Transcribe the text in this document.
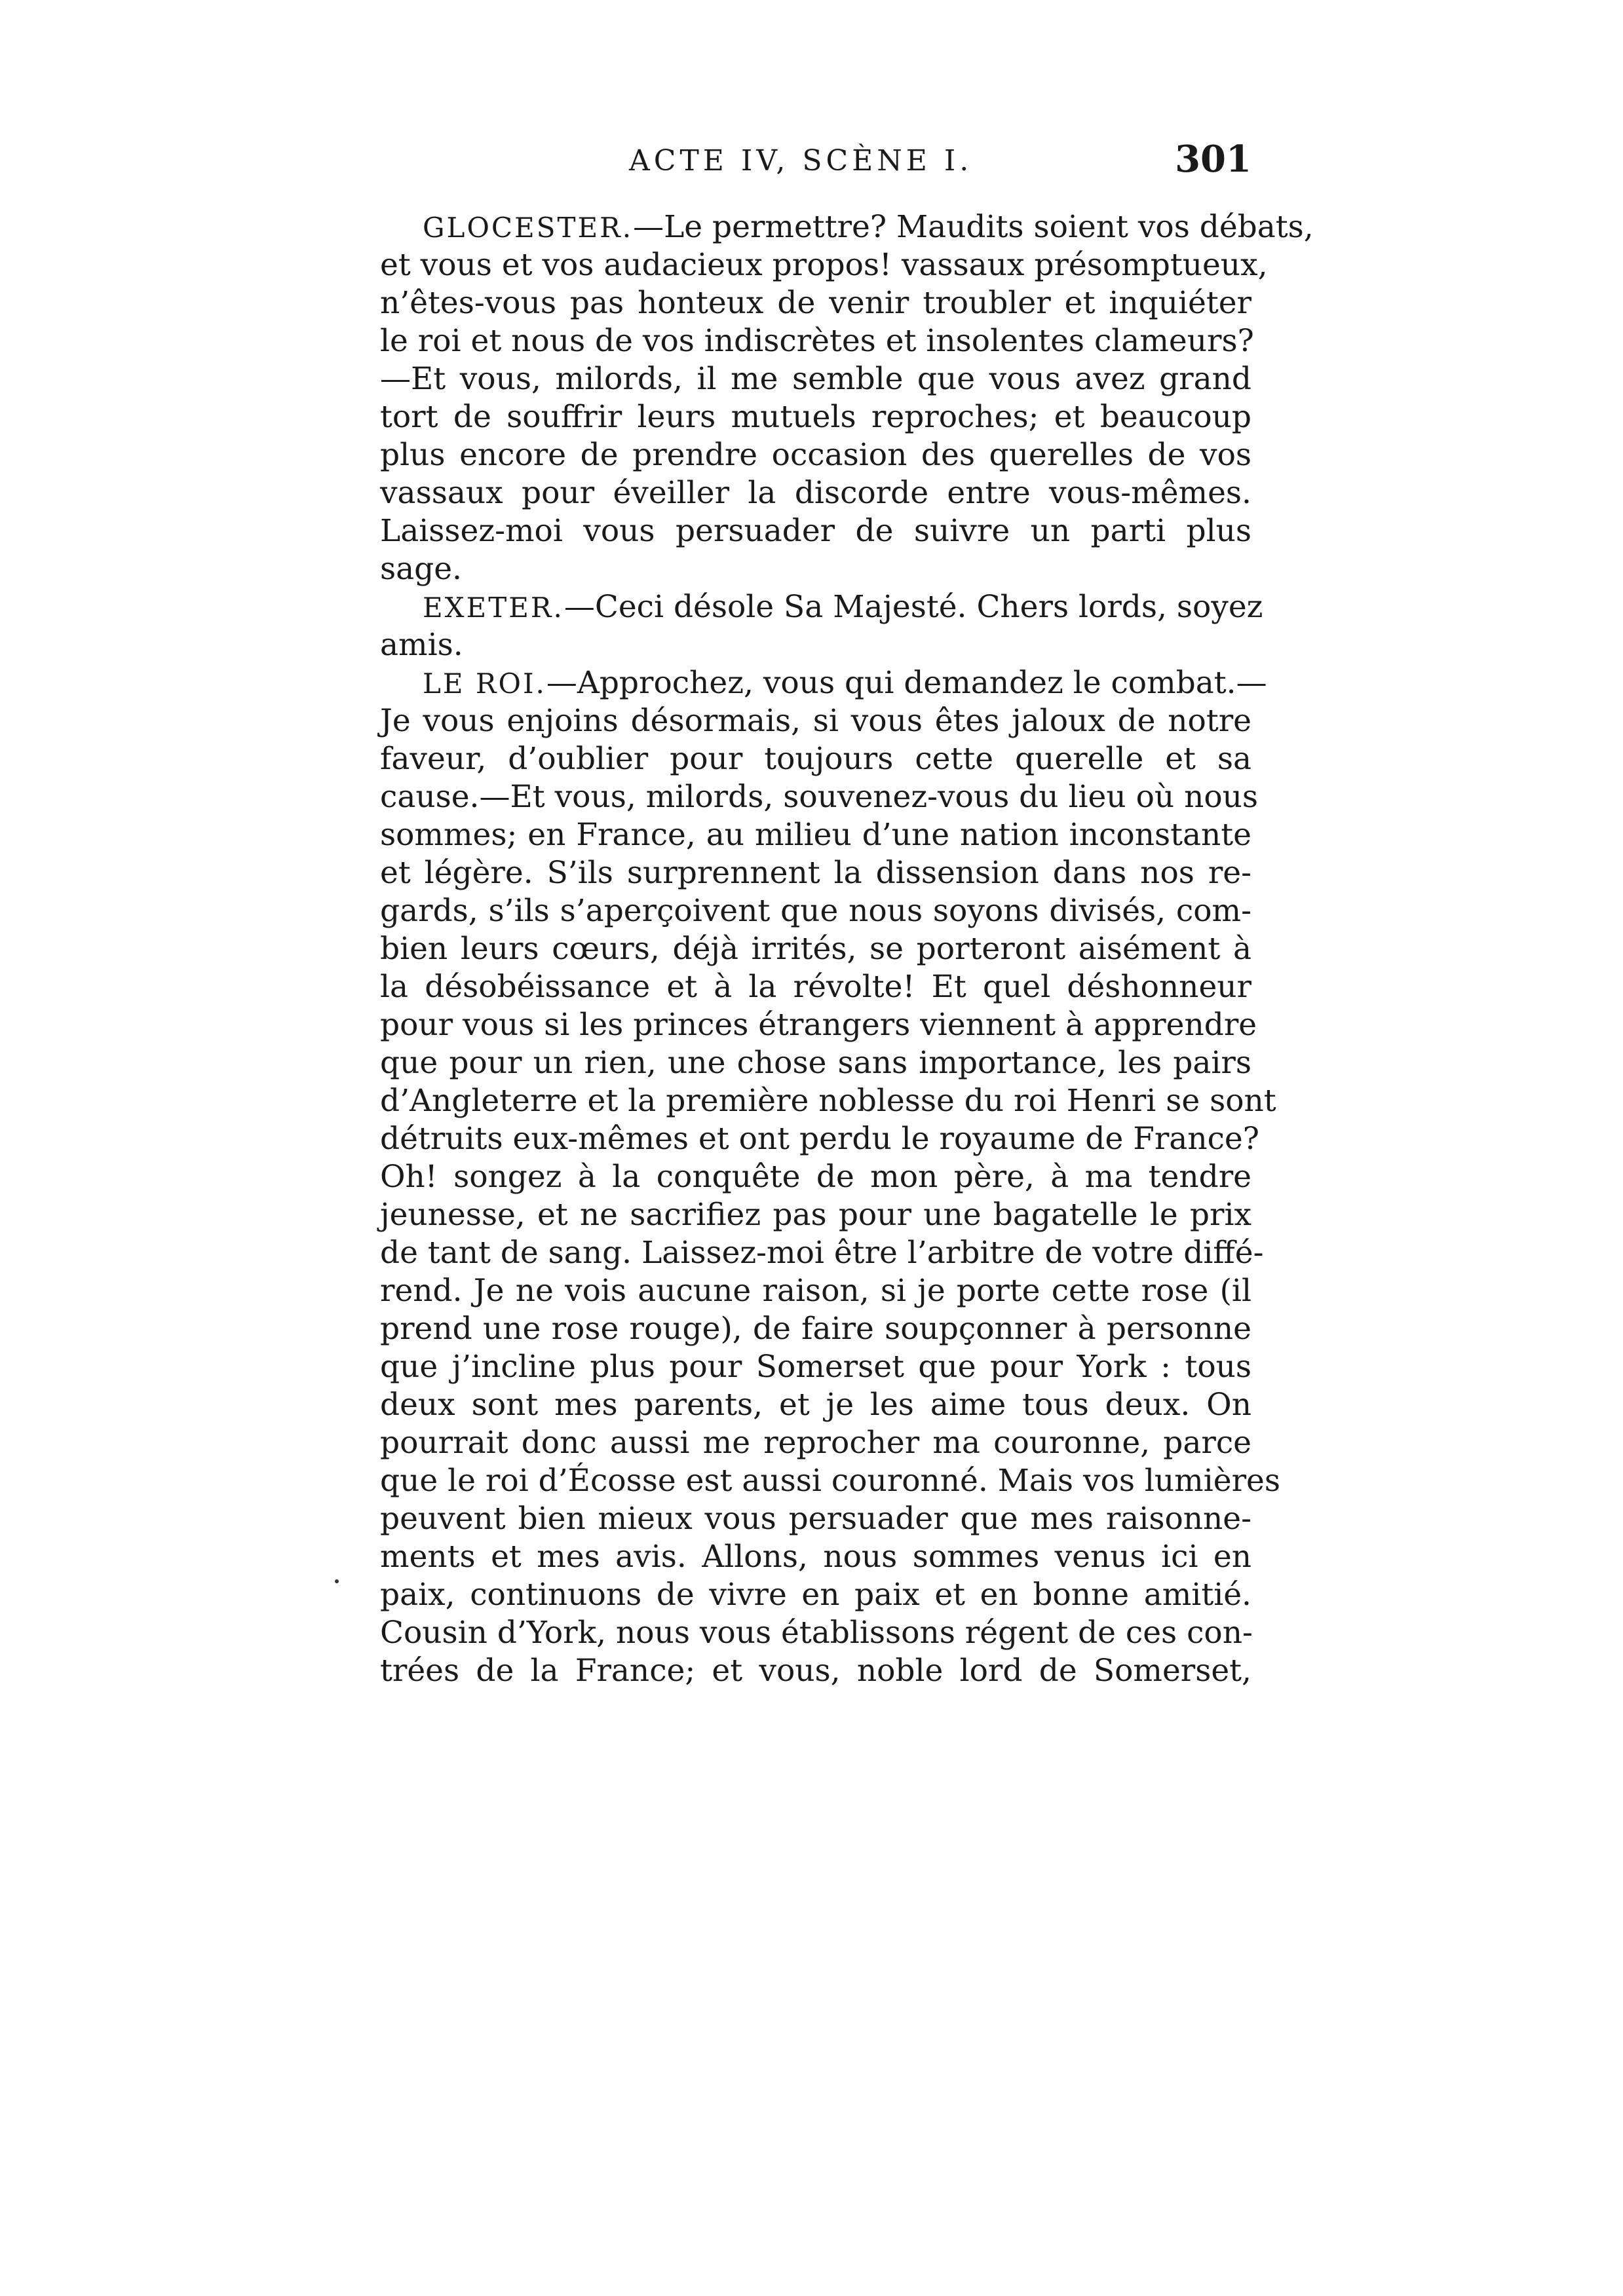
ACTE IV, SCÈNE I.	301
GLOCESTER.—Le permettre? Maudits soient vos débats,
et vous et vos audacieux propos! vassaux présomptueux,
n’êtes-vous pas honteux de venir troubler et inquiéter
le roi et nous de vos indiscrètes et insolentes clameurs?
—Et vous, milords, il me semble que vous avez grand
tort de souffrir leurs mutuels reproches; et beaucoup
plus encore de prendre occasion des querelles de vos
vassaux pour éveiller la discorde entre vous-mêmes.
Laissez-moi vous persuader de suivre un parti plus
sage.
EXETER.—Ceci désole Sa Majesté. Chers lords, soyez
amis.
LE ROI.—Approchez, vous qui demandez le combat.—
Je vous enjoins désormais, si vous êtes jaloux de notre
faveur, d’oublier pour toujours cette querelle et sa
cause.—Et vous, milords, souvenez-vous du lieu où nous
sommes; en France, au milieu d’une nation inconstante
et légère. S’ils surprennent la dissension dans nos re-
gards, s’ils s’aperçoivent que nous soyons divisés, com-
bien leurs cœurs, déjà irrités, se porteront aisément à
la désobéissance et à la révolte! Et quel déshonneur
pour vous si les princes étrangers viennent à apprendre
que pour un rien, une chose sans importance, les pairs
d’Angleterre et la première noblesse du roi Henri se sont
détruits eux-mêmes et ont perdu le royaume de France?
Oh! songez à la conquête de mon père, à ma tendre
jeunesse, et ne sacrifiez pas pour une bagatelle le prix
de tant de sang. Laissez-moi être l’arbitre de votre diffé-
rend. Je ne vois aucune raison, si je porte cette rose (il
prend une rose rouge), de faire soupçonner à personne
que j’incline plus pour Somerset que pour York : tous
deux sont mes parents, et je les aime tous deux. On
pourrait donc aussi me reprocher ma couronne, parce
que le roi d’Écosse est aussi couronné. Mais vos lumières
peuvent bien mieux vous persuader que mes raisonne-
ments et mes avis. Allons, nous sommes venus ici en
paix, continuons de vivre en paix et en bonne amitié.
Cousin d’York, nous vous établissons régent de ces con-
trées de la France; et vous, noble lord de Somerset,
